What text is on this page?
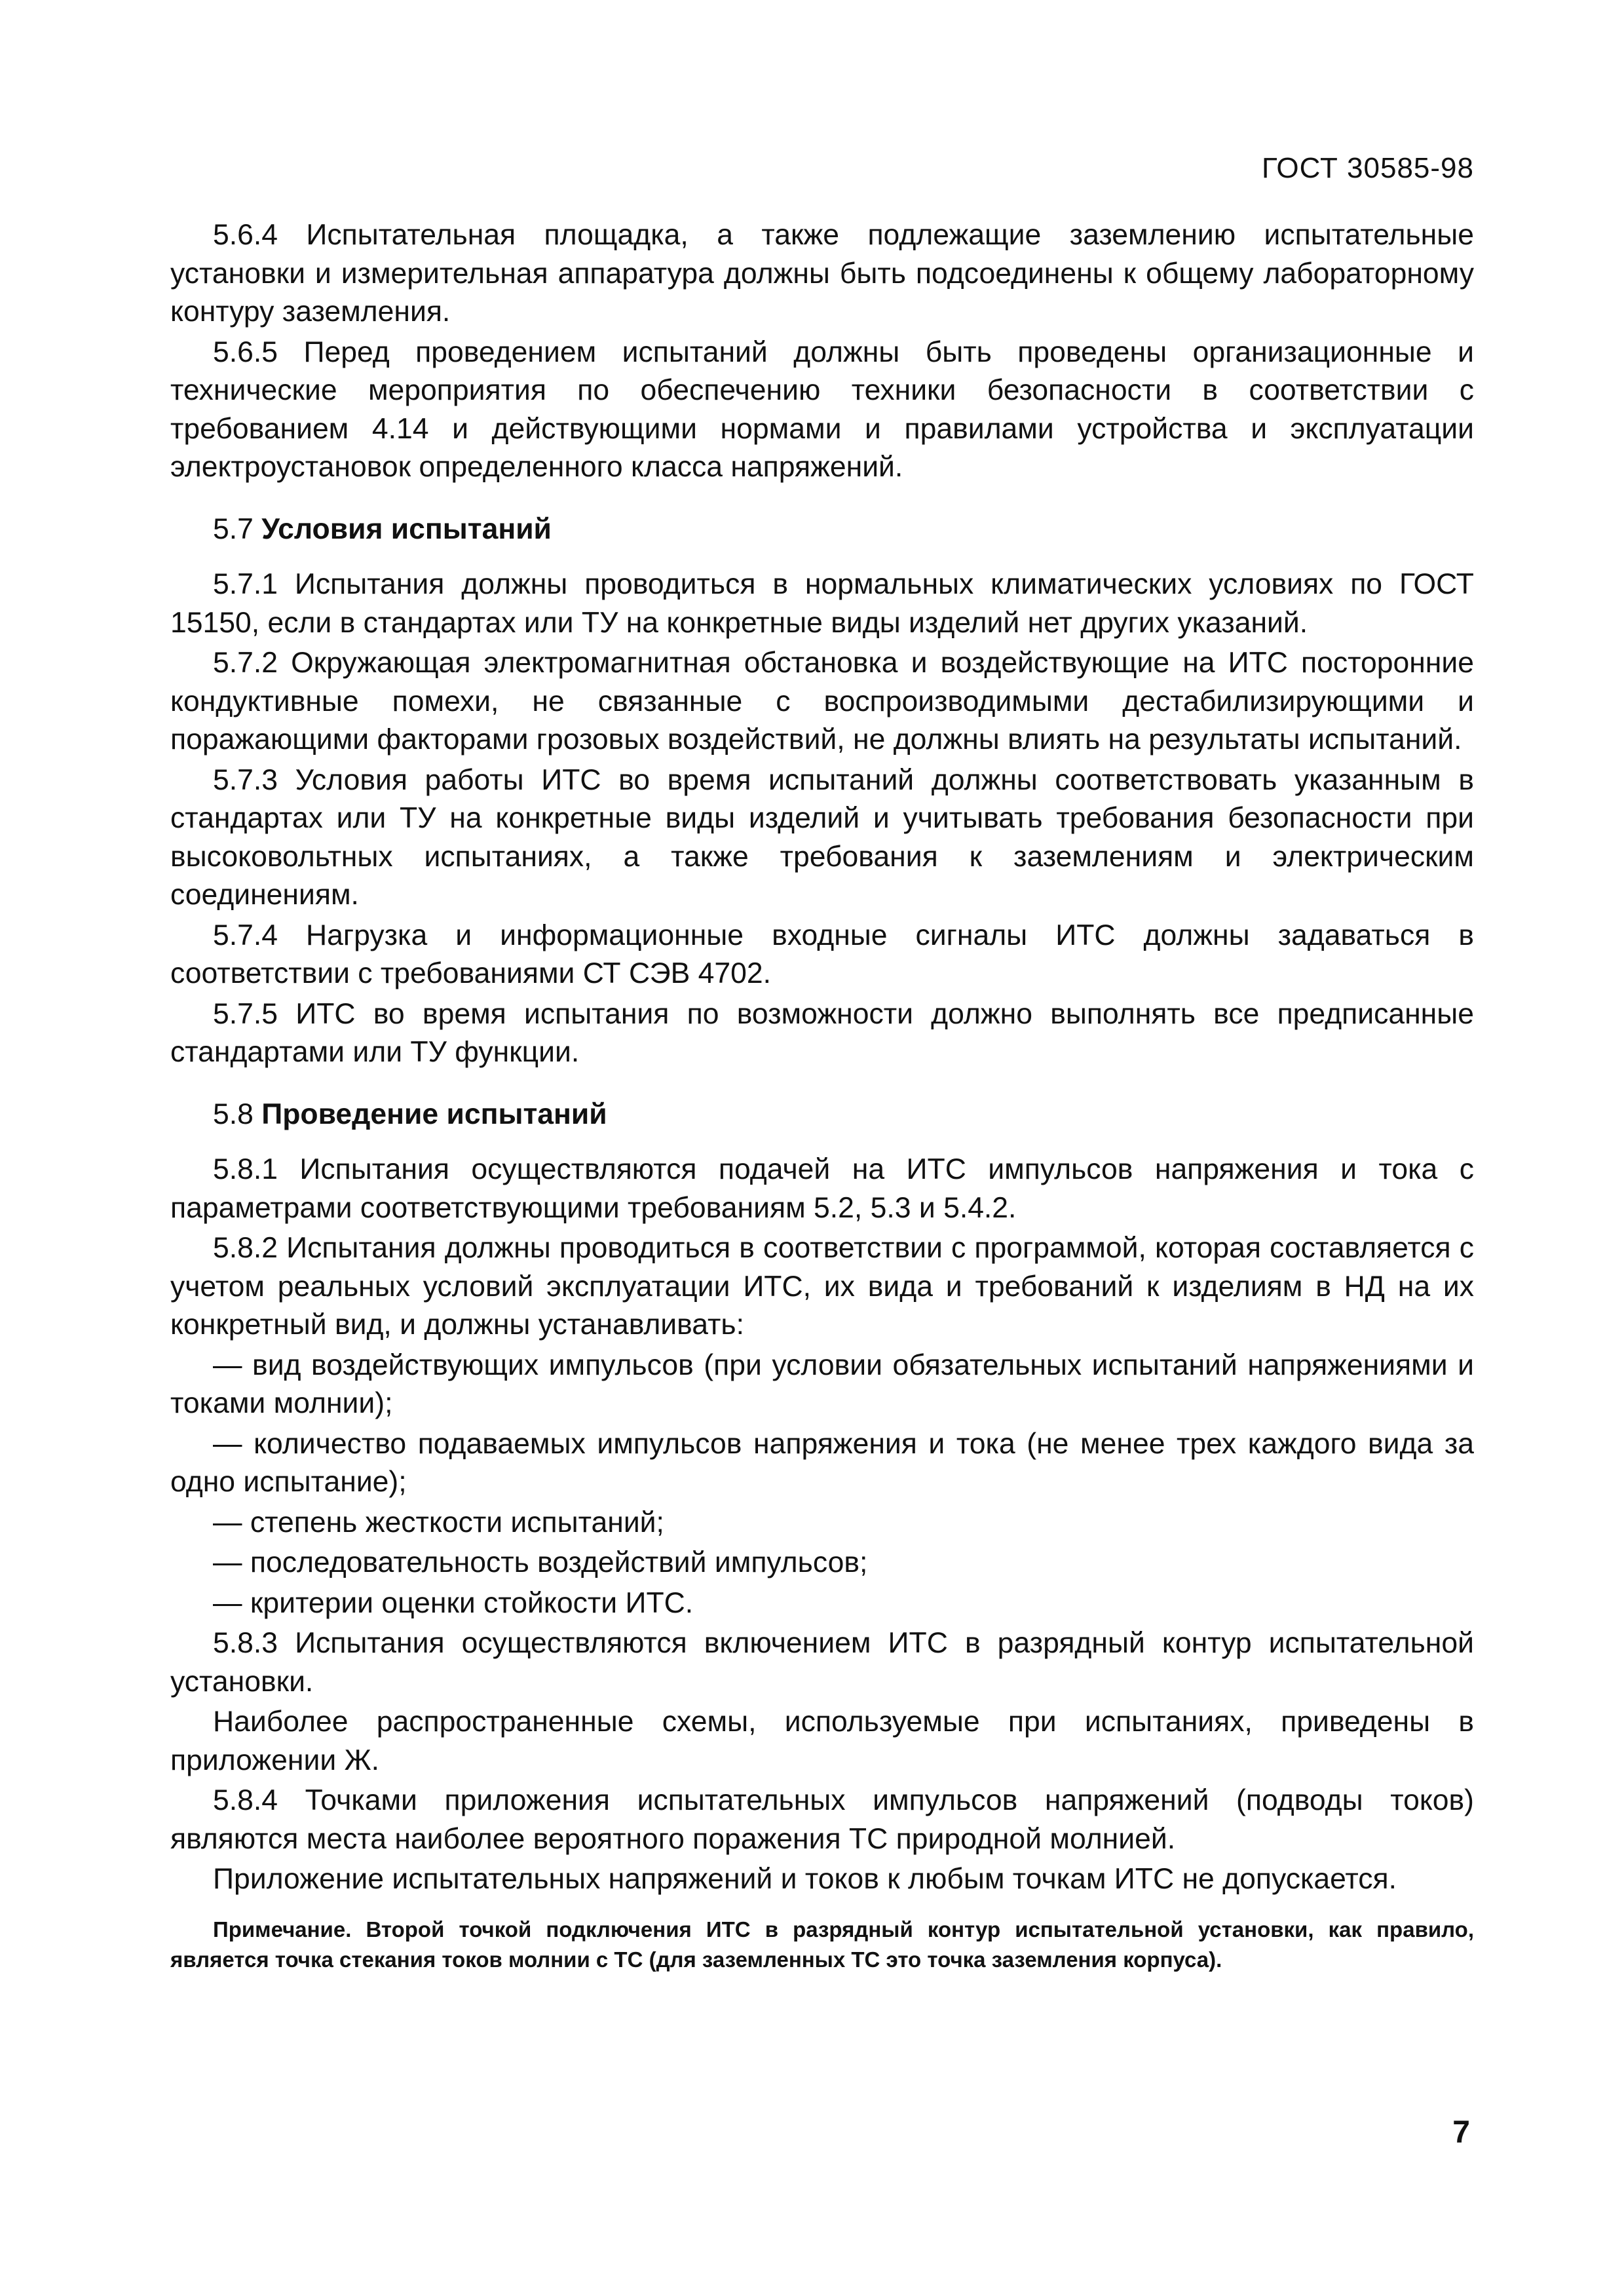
ГОСТ 30585-98

5.6.4 Испытательная площадка, а также подлежащие заземлению испытательные установки и измерительная аппаратура должны быть подсоединены к общему лабораторному контуру заземления.

5.6.5 Перед проведением испытаний должны быть проведены организационные и технические мероприятия по обеспечению техники безопасности в соответствии с требованием 4.14 и действующими нормами и правилами устройства и эксплуатации электроустановок определенного класса напряжений.

5.7 Условия испытаний

5.7.1 Испытания должны проводиться в нормальных климатических условиях по ГОСТ 15150, если в стандартах или ТУ на конкретные виды изделий нет других указаний.

5.7.2 Окружающая электромагнитная обстановка и воздействующие на ИТС посторонние кондуктивные помехи, не связанные с воспроизводимыми дестабилизирующими и поражающими факторами грозовых воздействий, не должны влиять на результаты испытаний.

5.7.3 Условия работы ИТС во время испытаний должны соответствовать указанным в стандартах или ТУ на конкретные виды изделий и учитывать требования безопасности при высоковольтных испытаниях, а также требования к заземлениям и электрическим соединениям.

5.7.4 Нагрузка и информационные входные сигналы ИТС должны задаваться в соответствии с требованиями СТ СЭВ 4702.

5.7.5 ИТС во время испытания по возможности должно выполнять все предписанные стандартами или ТУ функции.

5.8 Проведение испытаний

5.8.1 Испытания осуществляются подачей на ИТС импульсов напряжения и тока с параметрами соответствующими требованиям 5.2, 5.3 и 5.4.2.

5.8.2 Испытания должны проводиться в соответствии с программой, которая составляется с учетом реальных условий эксплуатации ИТС, их вида и требований к изделиям в НД на их конкретный вид, и должны устанавливать:

— вид воздействующих импульсов (при условии обязательных испытаний напряжениями и токами молнии);

— количество подаваемых импульсов напряжения и тока (не менее трех каждого вида за одно испытание);

— степень жесткости испытаний;

— последовательность воздействий импульсов;

— критерии оценки стойкости ИТС.

5.8.3 Испытания осуществляются включением ИТС в разрядный контур испытательной установки.

Наиболее распространенные схемы, используемые при испытаниях, приведены в приложении Ж.

5.8.4 Точками приложения испытательных импульсов напряжений (подводы токов) являются места наиболее вероятного поражения ТС природной молнией.

Приложение испытательных напряжений и токов к любым точкам ИТС не допускается.

Примечание. Второй точкой подключения ИТС в разрядный контур испытательной установки, как правило, является точка стекания токов молнии с ТС (для заземленных ТС это точка заземления корпуса).
7
